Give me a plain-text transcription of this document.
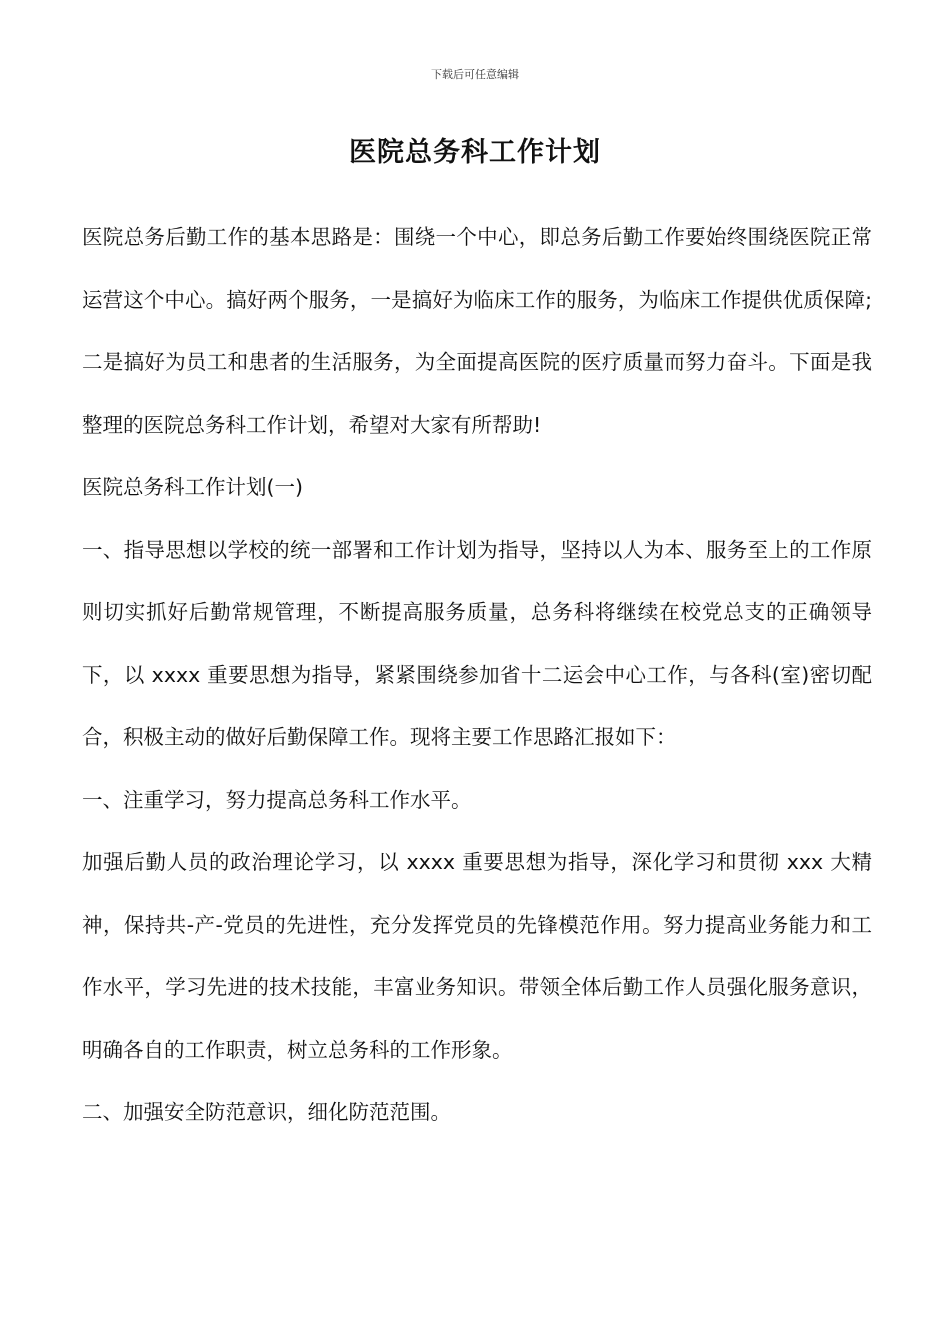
下载后可任意编辑

医院总务科工作计划

医院总务后勤工作的基本思路是：围绕一个中心，即总务后勤工作要始终围绕医院正常运营这个中心。搞好两个服务，一是搞好为临床工作的服务，为临床工作提供优质保障;二是搞好为员工和患者的生活服务，为全面提高医院的医疗质量而努力奋斗。下面是我整理的医院总务科工作计划，希望对大家有所帮助!

医院总务科工作计划(一)

一、指导思想以学校的统一部署和工作计划为指导，坚持以人为本、服务至上的工作原则切实抓好后勤常规管理，不断提高服务质量，总务科将继续在校党总支的正确领导下，以 xxxx 重要思想为指导，紧紧围绕参加省十二运会中心工作，与各科(室)密切配合，积极主动的做好后勤保障工作。现将主要工作思路汇报如下：

一、注重学习，努力提高总务科工作水平。

加强后勤人员的政治理论学习，以 xxxx 重要思想为指导，深化学习和贯彻 xxx 大精神，保持共-产-党员的先进性，充分发挥党员的先锋模范作用。努力提高业务能力和工作水平，学习先进的技术技能，丰富业务知识。带领全体后勤工作人员强化服务意识，明确各自的工作职责，树立总务科的工作形象。

二、加强安全防范意识，细化防范范围。
